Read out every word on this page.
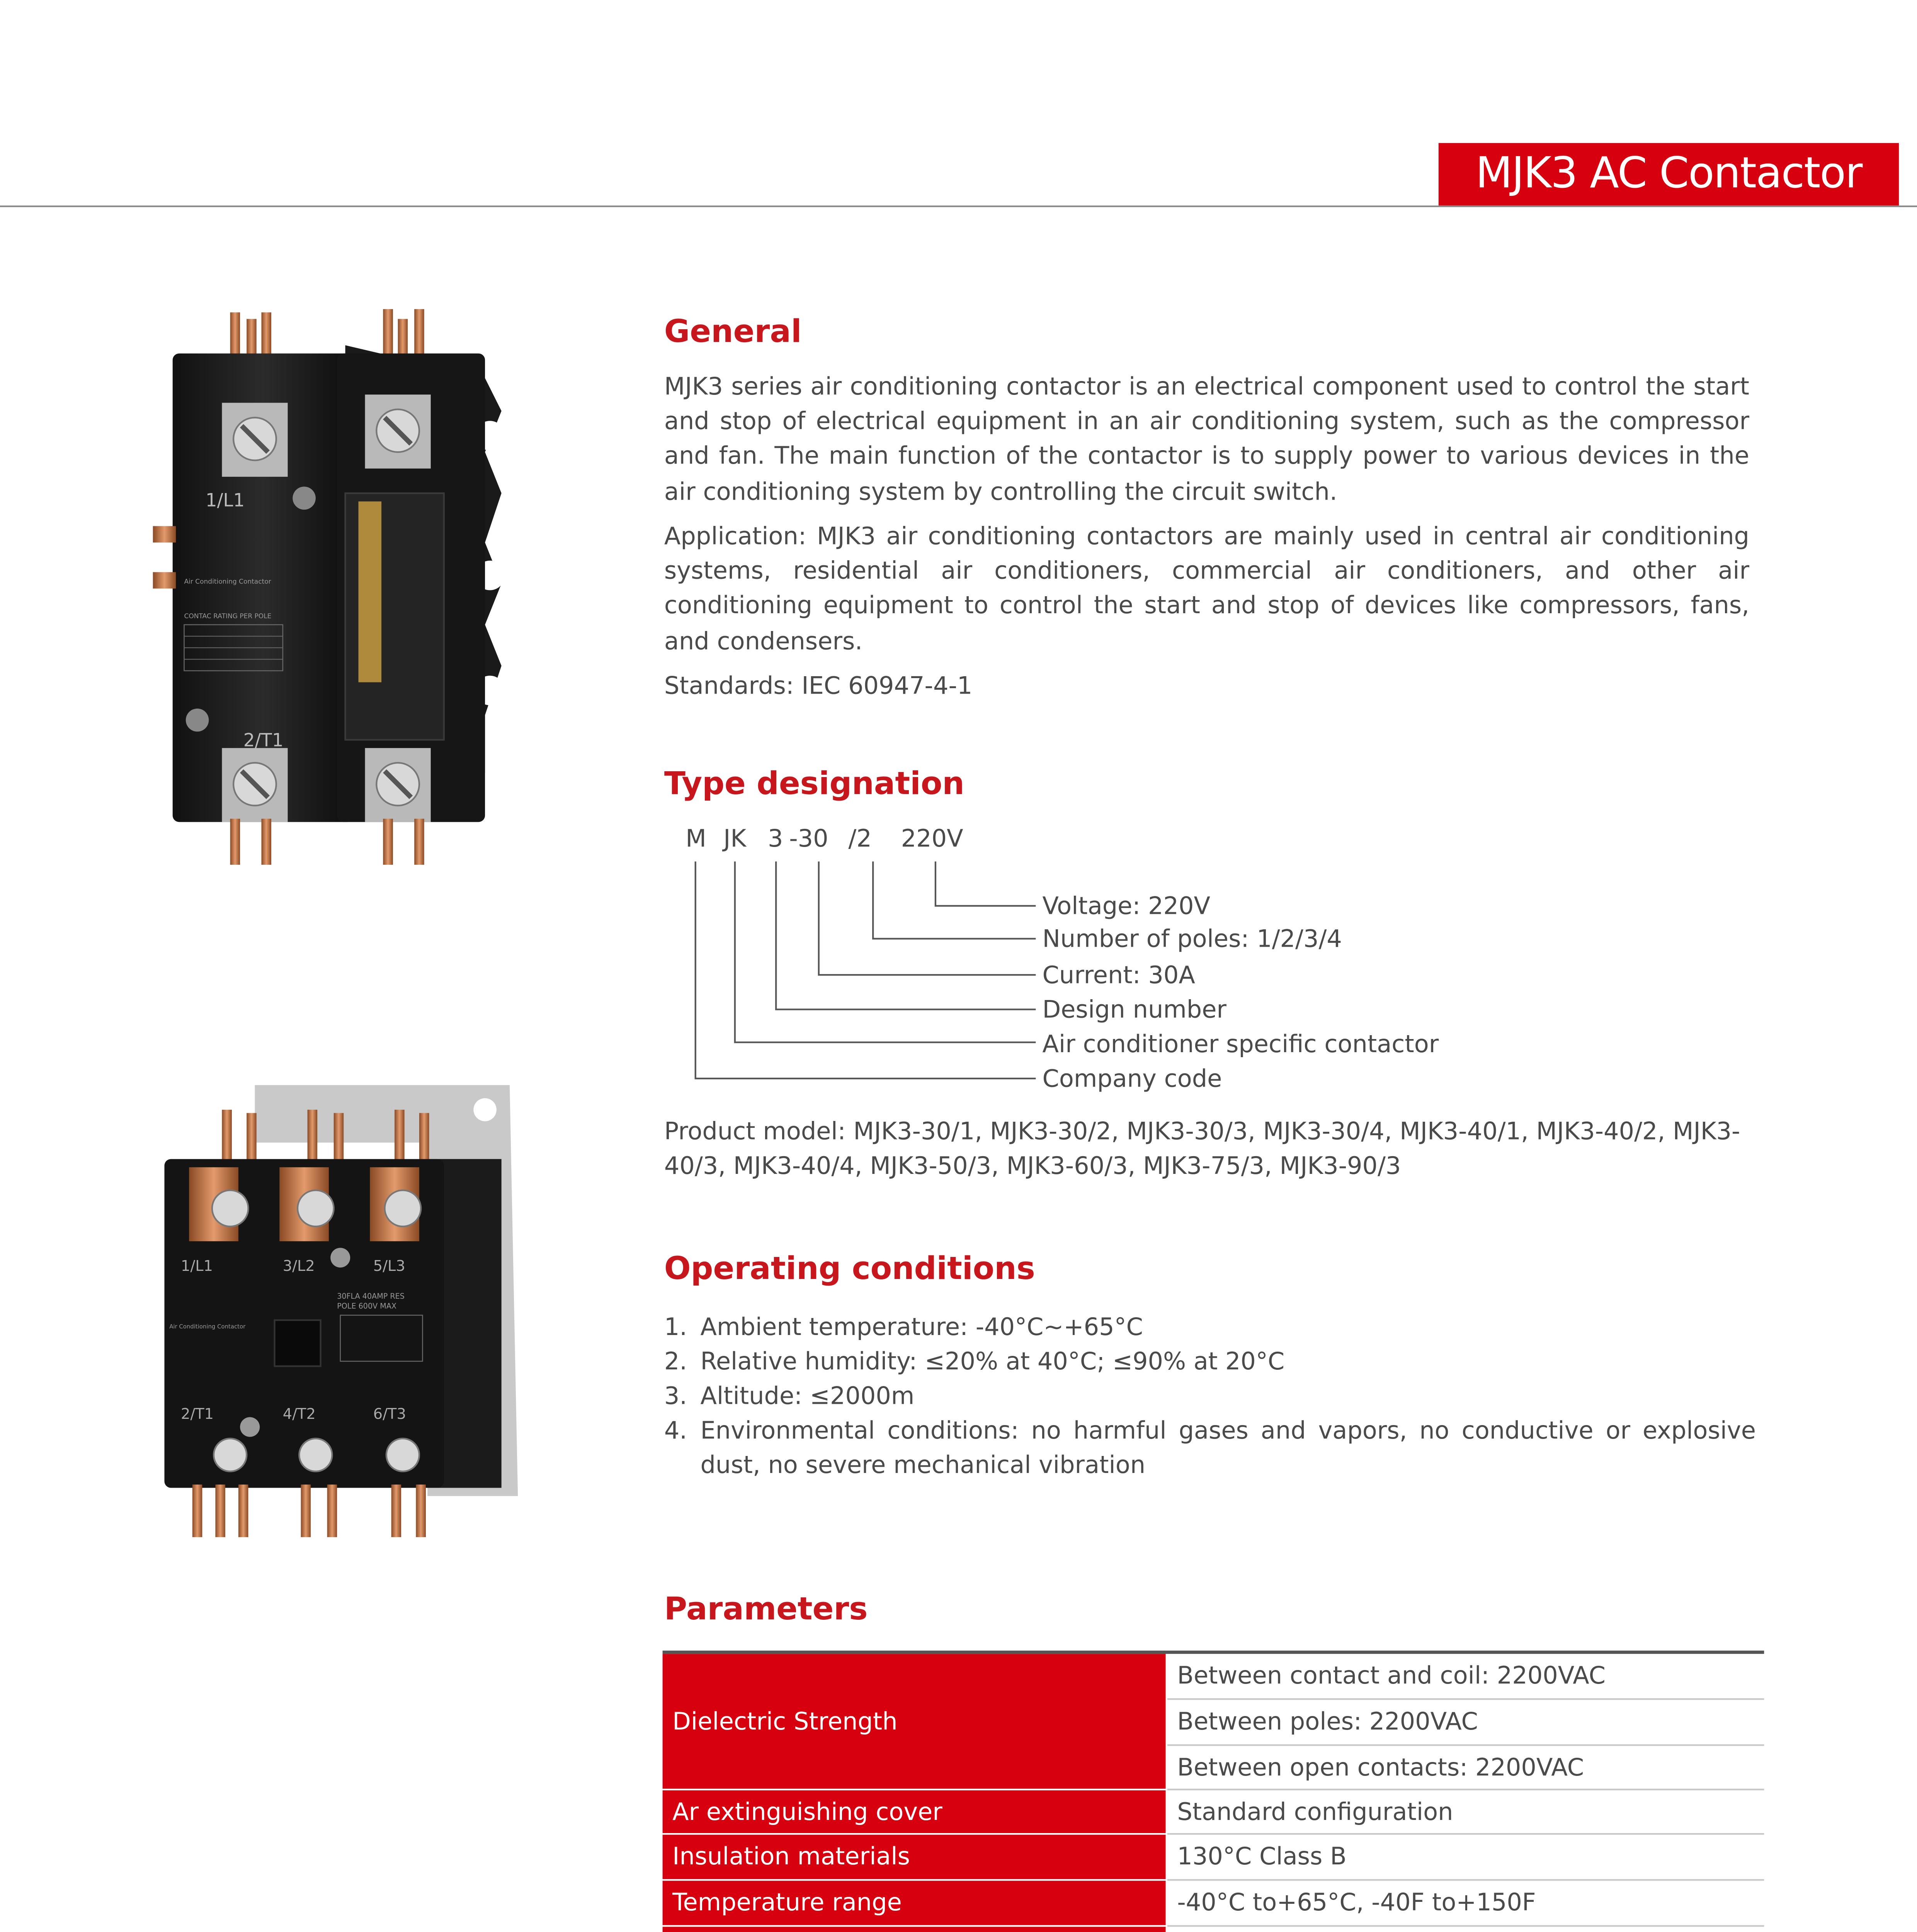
MJK3 AC Contactor
1/L1
2/T1
Air Conditioning Contactor
CONTAC RATING PER POLE
1/L1	3/L2	5/L3
30FLA 40AMP RES
POLE 600V MAX
Air Conditioning Contactor
2/T1	4/T2	6/T3
General

MJK3 series air conditioning contactor is an electrical component used to control the start and stop of electrical equipment in an air conditioning system, such as the compressor and fan. The main function of the contactor is to supply power to various devices in the air conditioning system by controlling the circuit switch.

Application: MJK3 air conditioning contactors are mainly used in central air conditioning systems, residential air conditioners, commercial air conditioners, and other air conditioning equipment to control the start and stop of devices like compressors, fans, and condensers.

Standards: IEC 60947-4-1
Type designation
M	JK	3 -30	/2	220V
Voltage: 220V
Number of poles: 1/2/3/4
Current: 30A
Design number
Air conditioner specific contactor
Company code

Product model: MJK3-30/1, MJK3-30/2, MJK3-30/3, MJK3-30/4, MJK3-40/1, MJK3-40/2, MJK3-40/3, MJK3-40/4, MJK3-50/3, MJK3-60/3, MJK3-75/3, MJK3-90/3

Operating conditions
1. Ambient temperature: -40°C~+65°C
2. Relative humidity: ≤20% at 40°C; ≤90% at 20°C
3. Altitude: ≤2000m
4. Environmental conditions: no harmful gases and vapors, no conductive or explosive dust, no severe mechanical vibration
Parameters
Dielectric Strength
Between contact and coil: 2200VAC
Between poles: 2200VAC
Between open contacts: 2200VAC
Ar extinguishing cover	Standard configuration
Insulation materials	130°C Class B
Temperature range	-40°C to+65°C, -40F to+150F
